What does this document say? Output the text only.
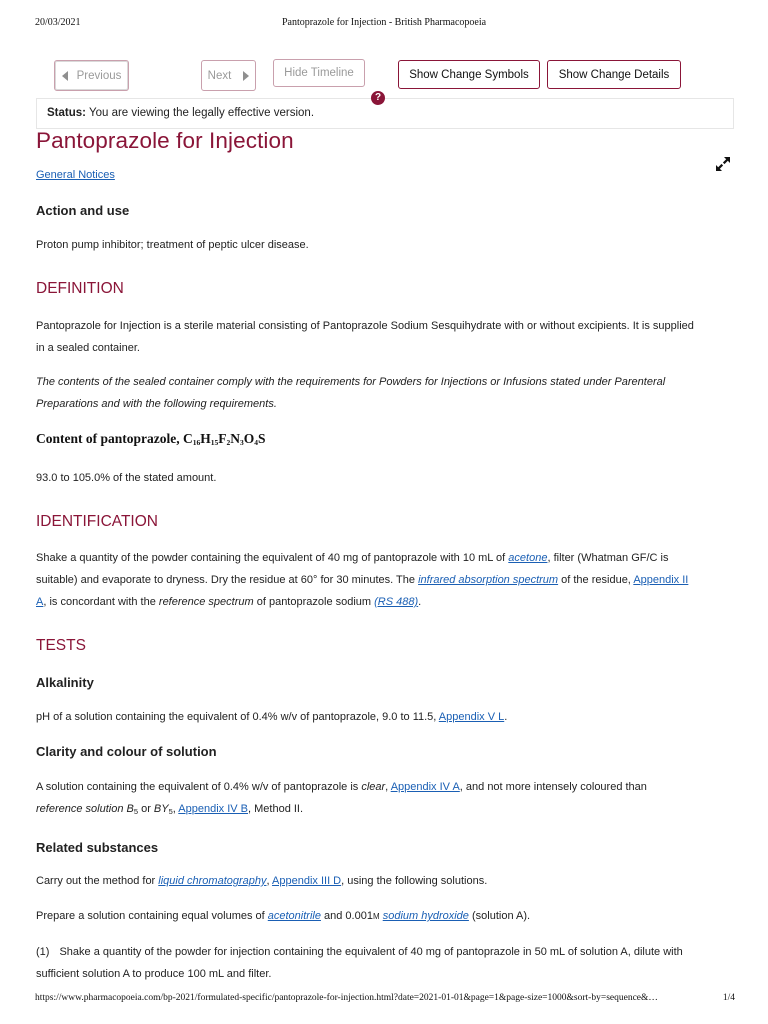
20/03/2021	Pantoprazole for Injection - British Pharmacopoeia
Previous	Next	Hide Timeline	Show Change Symbols	Show Change Details
Status: You are viewing the legally effective version.
?
Pantoprazole for Injection
General Notices
Action and use
Proton pump inhibitor; treatment of peptic ulcer disease.
DEFINITION
Pantoprazole for Injection is a sterile material consisting of Pantoprazole Sodium Sesquihydrate with or without excipients. It is supplied
in a sealed container.
The contents of the sealed container comply with the requirements for Powders for Injections or Infusions stated under Parenteral
Preparations and with the following requirements.
Content of pantoprazole, $C_{16}H_{15}F_2N_3O_4S$
93.0 to 105.0% of the stated amount.
IDENTIFICATION
Shake a quantity of the powder containing the equivalent of 40 mg of pantoprazole with 10 mL of acetone, filter (Whatman GF/C is
suitable) and evaporate to dryness. Dry the residue at 60° for 30 minutes. The infrared absorption spectrum of the residue, Appendix II
A, is concordant with the reference spectrum of pantoprazole sodium (RS 488).
TESTS
Alkalinity
pH of a solution containing the equivalent of 0.4% w/v of pantoprazole, 9.0 to 11.5, Appendix V L.
Clarity and colour of solution
A solution containing the equivalent of 0.4% w/v of pantoprazole is clear, Appendix IV A, and not more intensely coloured than
reference solution $B_5$ or $BY_5$, Appendix IV B, Method II.
Related substances
Carry out the method for liquid chromatography, Appendix III D, using the following solutions.
Prepare a solution containing equal volumes of acetonitrile and 0.001M sodium hydroxide (solution A).
(1) Shake a quantity of the powder for injection containing the equivalent of 40 mg of pantoprazole in 50 mL of solution A, dilute with
sufficient solution A to produce 100 mL and filter.
https://www.pharmacopoeia.com/bp-2021/formulated-specific/pantoprazole-for-injection.html?date=2021-01-01&page=1&page-size=1000&sort-by=sequence&…	1/4
